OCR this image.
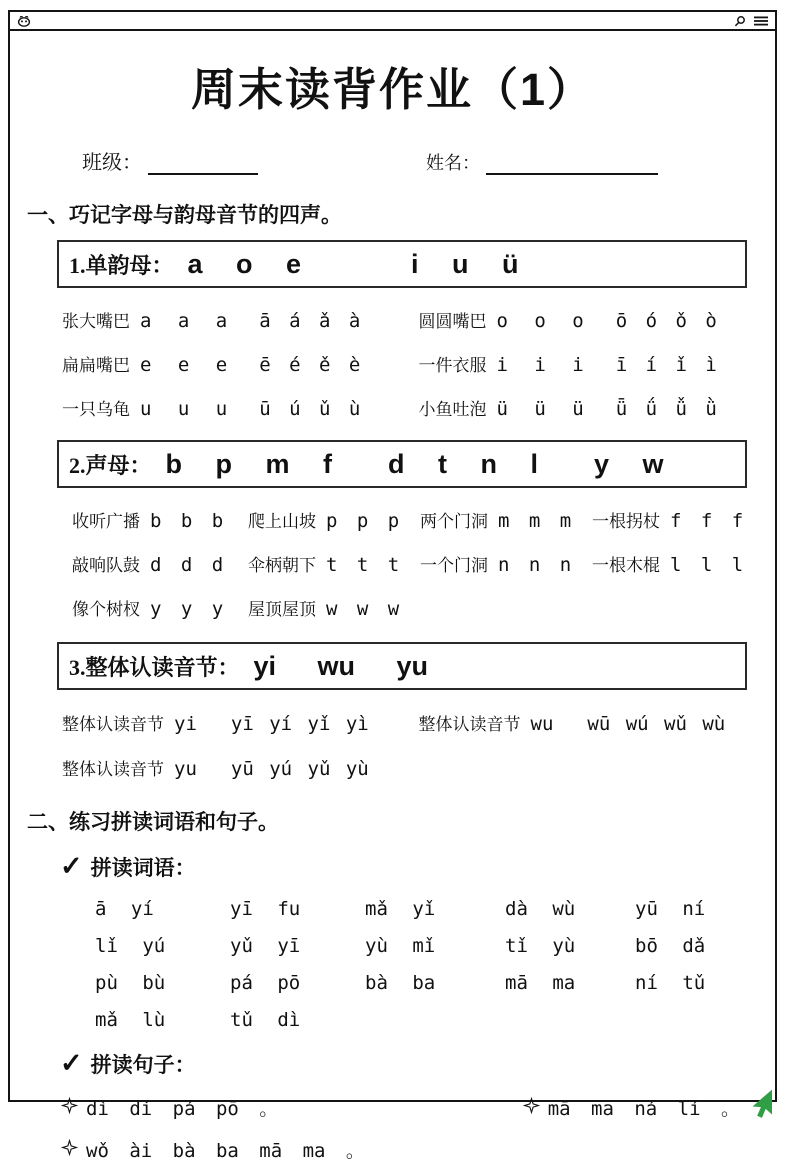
周末读背作业（1）
班级：	姓名：
一、巧记字母与韵母音节的四声。
1.单韵母： a o e	i u ü
张大嘴巴 a a a ā á ǎ à	圆圆嘴巴 o o o ō ó ǒ ò
扁扁嘴巴 e e e ē é ě è	一件衣服 i i i ī í ǐ ì
一只乌龟 u u u ū ú ǔ ù	小鱼吐泡 ü ü ü ǖ ǘ ǚ ǜ
2.声母： b p m f d t n l y w
收听广播 b b b 爬上山坡 p p p 两个门洞 m m m 一根拐杖 f f f
敲响队鼓 d d d 伞柄朝下 t t t 一个门洞 n n n 一根木棍 l l l
像个树杈 y y y 屋顶屋顶 w w w
3.整体认读音节： yi wu yu
整体认读音节 yi yī yí yǐ yì	整体认读音节 wu wū wú wǔ wù
整体认读音节 yu yū yú yǔ yù
二、练习拼读词语和句子。
✓ 拼读词语：
ā yí	yī fu	mǎ yǐ	dà wù	yū ní
lǐ yú	yǔ yī	yù mǐ	tǐ yù	bō dǎ
pù bù	pá pō	bà ba	mā ma	ní tǔ
mǎ lù	tǔ dì
✓ 拼读句子：
dì di pá pō 。	mā ma ná lí 。
wǒ ài bà ba mā ma 。
